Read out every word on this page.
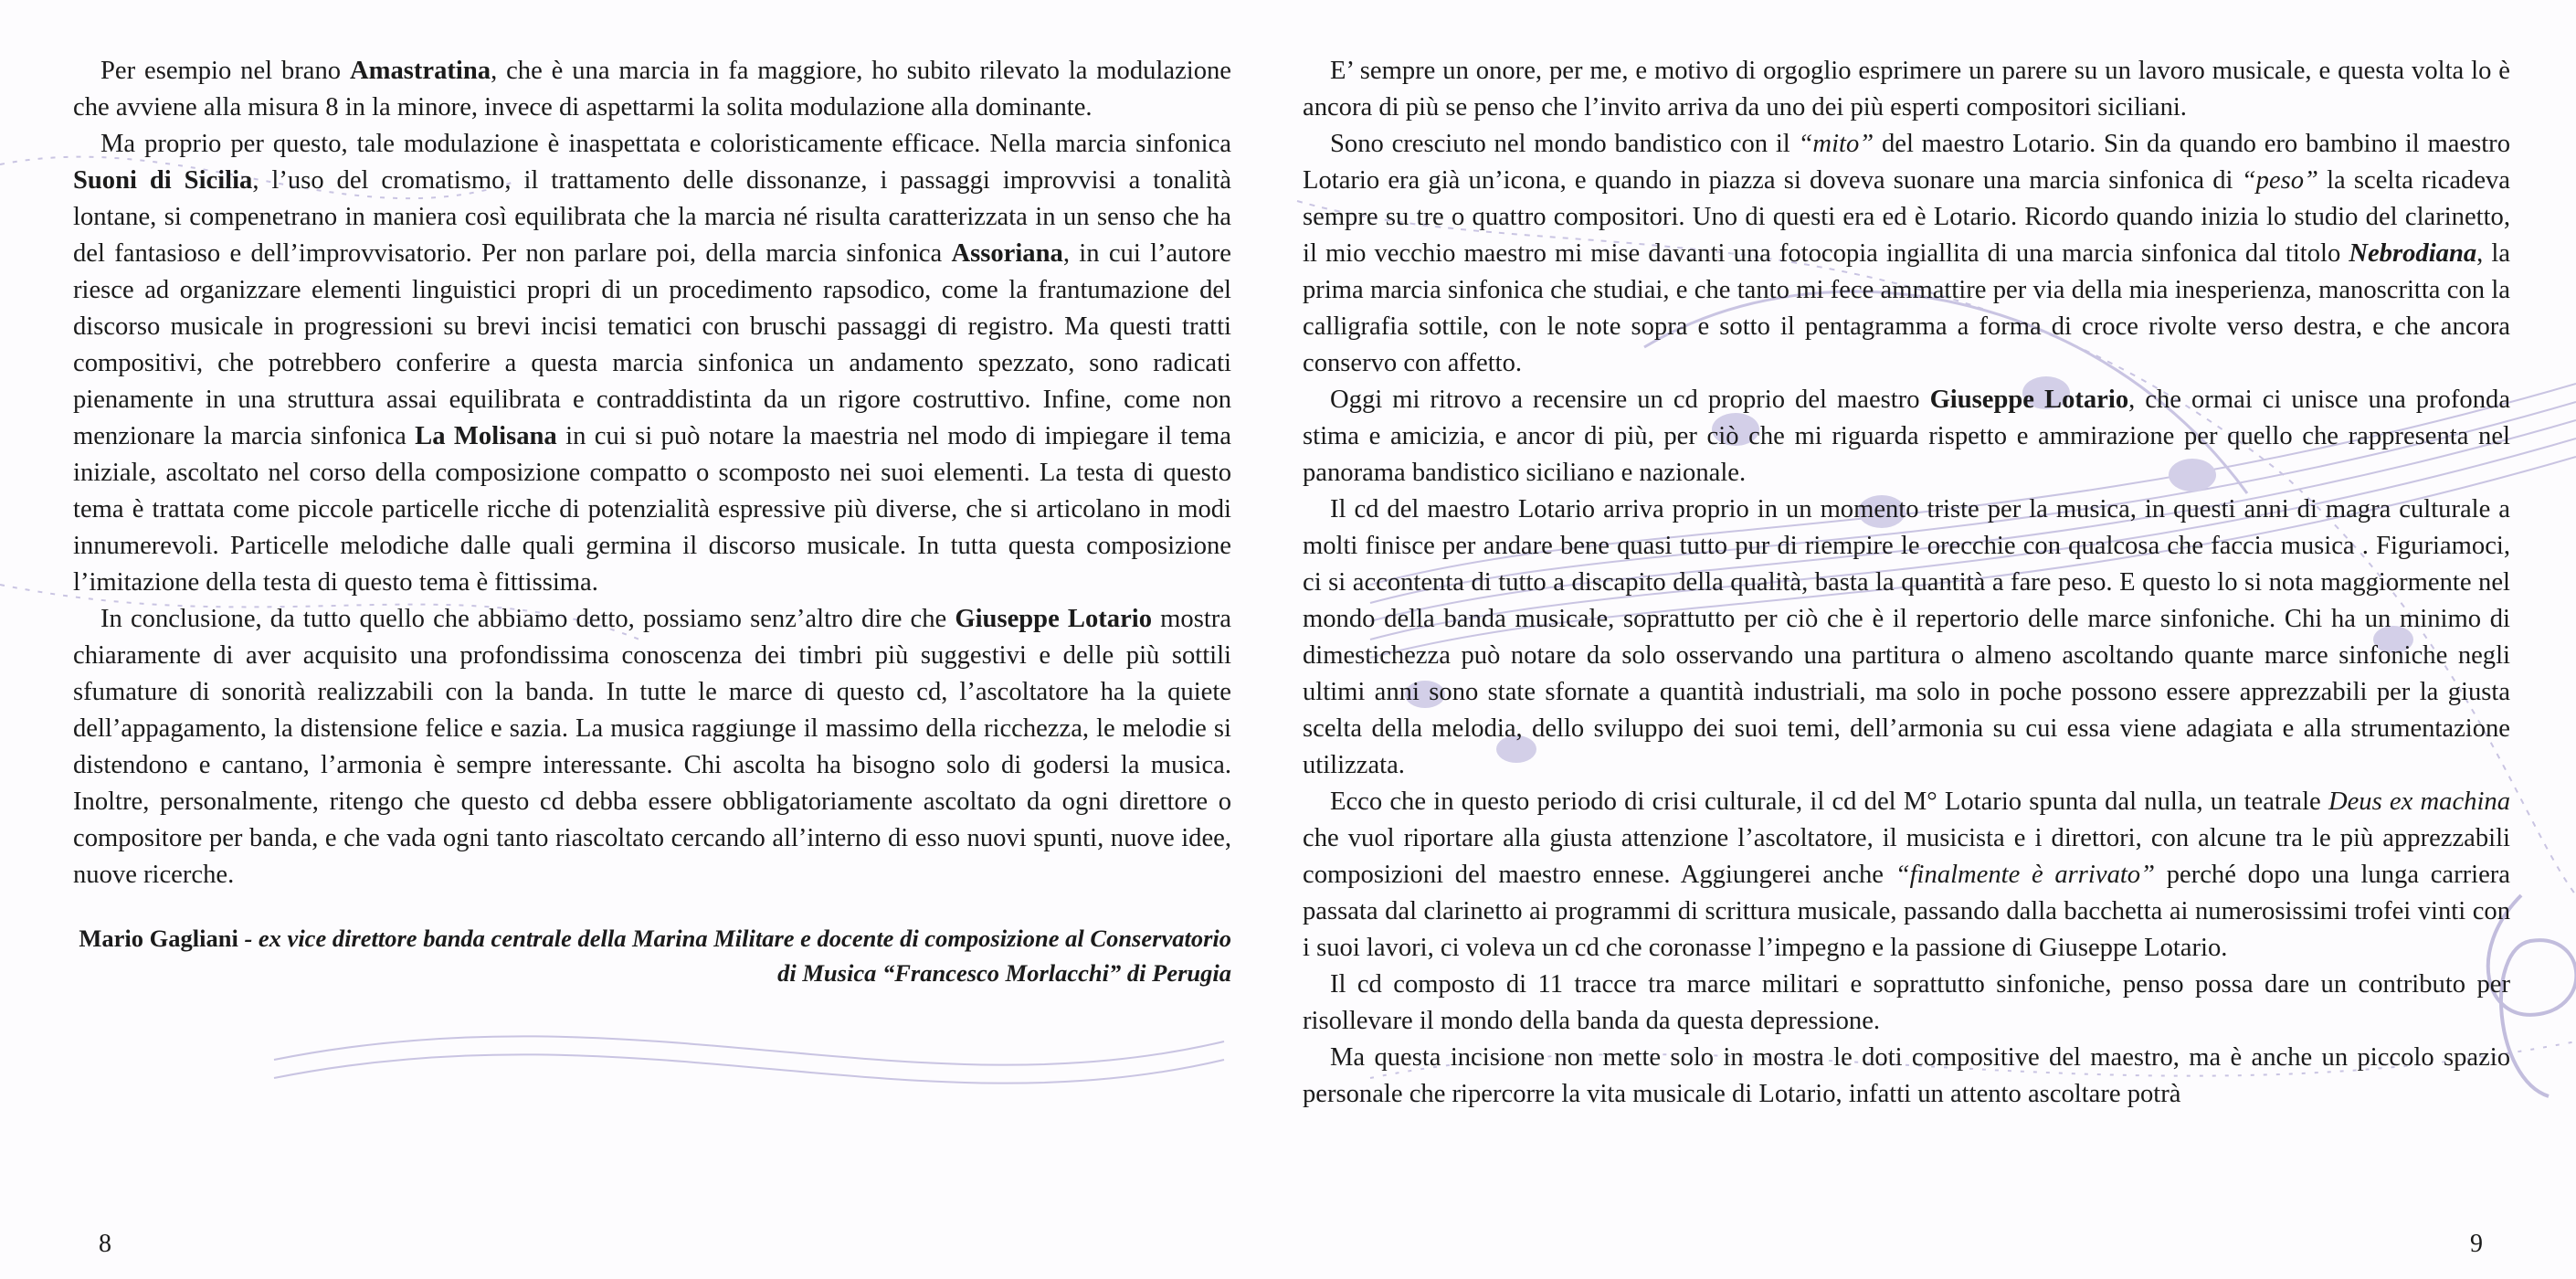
Per esempio nel brano Amastratina, che è una marcia in fa maggiore, ho subito rilevato la modulazione che avviene alla misura 8 in la minore, invece di aspettarmi la solita modulazione alla dominante.

Ma proprio per questo, tale modulazione è inaspettata e coloristicamente efficace. Nella marcia sinfonica Suoni di Sicilia, l’uso del cromatismo, il trattamento delle dissonanze, i passaggi improvvisi a tonalità lontane, si compenetrano in maniera così equilibrata che la marcia né risulta caratterizzata in un senso che ha del fantasioso e dell’improvvisatorio. Per non parlare poi, della marcia sinfonica Assoriana, in cui l’autore riesce ad organizzare elementi linguistici propri di un procedimento rapsodico, come la frantumazione del discorso musicale in progressioni su brevi incisi tematici con bruschi passaggi di registro. Ma questi tratti compositivi, che potrebbero conferire a questa marcia sinfonica un andamento spezzato, sono radicati pienamente in una struttura assai equilibrata e contraddistinta da un rigore costruttivo. Infine, come non menzionare la marcia sinfonica La Molisana in cui si può notare la maestria nel modo di impiegare il tema iniziale, ascoltato nel corso della composizione compatto o scomposto nei suoi elementi. La testa di questo tema è trattata come piccole particelle ricche di potenzialità espressive più diverse, che si articolano in modi innumerevoli. Particelle melodiche dalle quali germina il discorso musicale. In tutta questa composizione l’imitazione della testa di questo tema è fittissima.

In conclusione, da tutto quello che abbiamo detto, possiamo senz’altro dire che Giuseppe Lotario mostra chiaramente di aver acquisito una profondissima conoscenza dei timbri più suggestivi e delle più sottili sfumature di sonorità realizzabili con la banda. In tutte le marce di questo cd, l’ascoltatore ha la quiete dell’appagamento, la distensione felice e sazia. La musica raggiunge il massimo della ricchezza, le melodie si distendono e cantano, l’armonia è sempre interessante. Chi ascolta ha bisogno solo di godersi la musica. Inoltre, personalmente, ritengo che questo cd debba essere obbligatoriamente ascoltato da ogni direttore o compositore per banda, e che vada ogni tanto riascoltato cercando all’interno di esso nuovi spunti, nuove idee, nuove ricerche.

Mario Gagliani - ex vice direttore banda centrale della Marina Militare e docente di composizione al Conservatorio di Musica “Francesco Morlacchi” di Perugia

E’ sempre un onore, per me, e motivo di orgoglio esprimere un parere su un lavoro musicale, e questa volta lo è ancora di più se penso che l’invito arriva da uno dei più esperti compositori siciliani.

Sono cresciuto nel mondo bandistico con il “mito” del maestro Lotario. Sin da quando ero bambino il maestro Lotario era già un’icona, e quando in piazza si doveva suonare una marcia sinfonica di “peso” la scelta ricadeva sempre su tre o quattro compositori. Uno di questi era ed è Lotario. Ricordo quando inizia lo studio del clarinetto, il mio vecchio maestro mi mise davanti una fotocopia ingiallita di una marcia sinfonica dal titolo Nebrodiana, la prima marcia sinfonica che studiai, e che tanto mi fece ammattire per via della mia inesperienza, manoscritta con la calligrafia sottile, con le note sopra e sotto il pentagramma a forma di croce rivolte verso destra, e che ancora conservo con affetto.

Oggi mi ritrovo a recensire un cd proprio del maestro Giuseppe Lotario, che ormai ci unisce una profonda stima e amicizia, e ancor di più, per ciò che mi riguarda rispetto e ammirazione per quello che rappresenta nel panorama bandistico siciliano e nazionale.

Il cd del maestro Lotario arriva proprio in un momento triste per la musica, in questi anni di magra culturale a molti finisce per andare bene quasi tutto pur di riempire le orecchie con qualcosa che faccia musica . Figuriamoci, ci si accontenta di tutto a discapito della qualità, basta la quantità a fare peso. E questo lo si nota maggiormente nel mondo della banda musicale, soprattutto per ciò che è il repertorio delle marce sinfoniche. Chi ha un minimo di dimestichezza può notare da solo osservando una partitura o almeno ascoltando quante marce sinfoniche negli ultimi anni sono state sfornate a quantità industriali, ma solo in poche possono essere apprezzabili per la giusta scelta della melodia, dello sviluppo dei suoi temi, dell’armonia su cui essa viene adagiata e alla strumentazione utilizzata.

Ecco che in questo periodo di crisi culturale, il cd del M° Lotario spunta dal nulla, un teatrale Deus ex machina che vuol riportare alla giusta attenzione l’ascoltatore, il musicista e i direttori, con alcune tra le più apprezzabili composizioni del maestro ennese. Aggiungerei anche “finalmente è arrivato” perché dopo una lunga carriera passata dal clarinetto ai programmi di scrittura musicale, passando dalla bacchetta ai numerosissimi trofei vinti con i suoi lavori, ci voleva un cd che coronasse l’impegno e la passione di Giuseppe Lotario.

Il cd composto di 11 tracce tra marce militari e soprattutto sinfoniche, penso possa dare un contributo per risollevare il mondo della banda da questa depressione.

Ma questa incisione non mette solo in mostra le doti compositive del maestro, ma è anche un piccolo spazio personale che ripercorre la vita musicale di Lotario, infatti un attento ascoltare potrà

8	9
